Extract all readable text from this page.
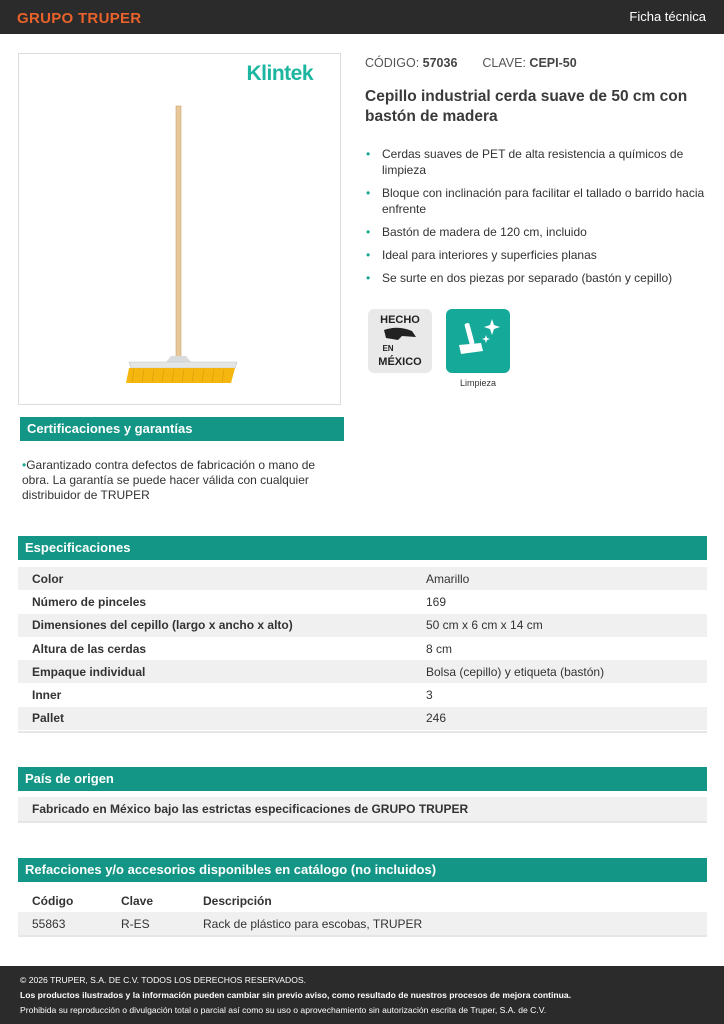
GRUPO TRUPER	Ficha técnica
Klintek	CÓDIGO: 57036 CLAVE: CEPI-50
Cepillo industrial cerda suave de 50 cm con bastón de madera
• Cerdas suaves de PET de alta resistencia a químicos de limpieza
• Bloque con inclinación para facilitar el tallado o barrido hacia enfrente
• Bastón de madera de 120 cm, incluido
• Ideal para interiores y superficies planas
• Se surte en dos piezas por separado (bastón y cepillo)
HECHO
EN
MÉXICO
Limpieza
Certificaciones y garantías
•Garantizado contra defectos de fabricación o mano de obra. La garantía se puede hacer válida con cualquier distribuidor de TRUPER
Especificaciones
Color	Amarillo
Número de pinceles	169
Dimensiones del cepillo (largo x ancho x alto)	50 cm x 6 cm x 14 cm
Altura de las cerdas	8 cm
Empaque individual	Bolsa (cepillo) y etiqueta (bastón)
Inner	3
Pallet	246
País de origen
Fabricado en México bajo las estrictas especificaciones de GRUPO TRUPER
Refacciones y/o accesorios disponibles en catálogo (no incluidos)
Código	Clave	Descripción
55863	R-ES	Rack de plástico para escobas, TRUPER
© 2026 TRUPER, S.A. DE C.V. TODOS LOS DERECHOS RESERVADOS.
Los productos ilustrados y la información pueden cambiar sin previo aviso, como resultado de nuestros procesos de mejora continua.
Prohibida su reproducción o divulgación total o parcial así como su uso o aprovechamiento sin autorización escrita de Truper, S.A. de C.V.
